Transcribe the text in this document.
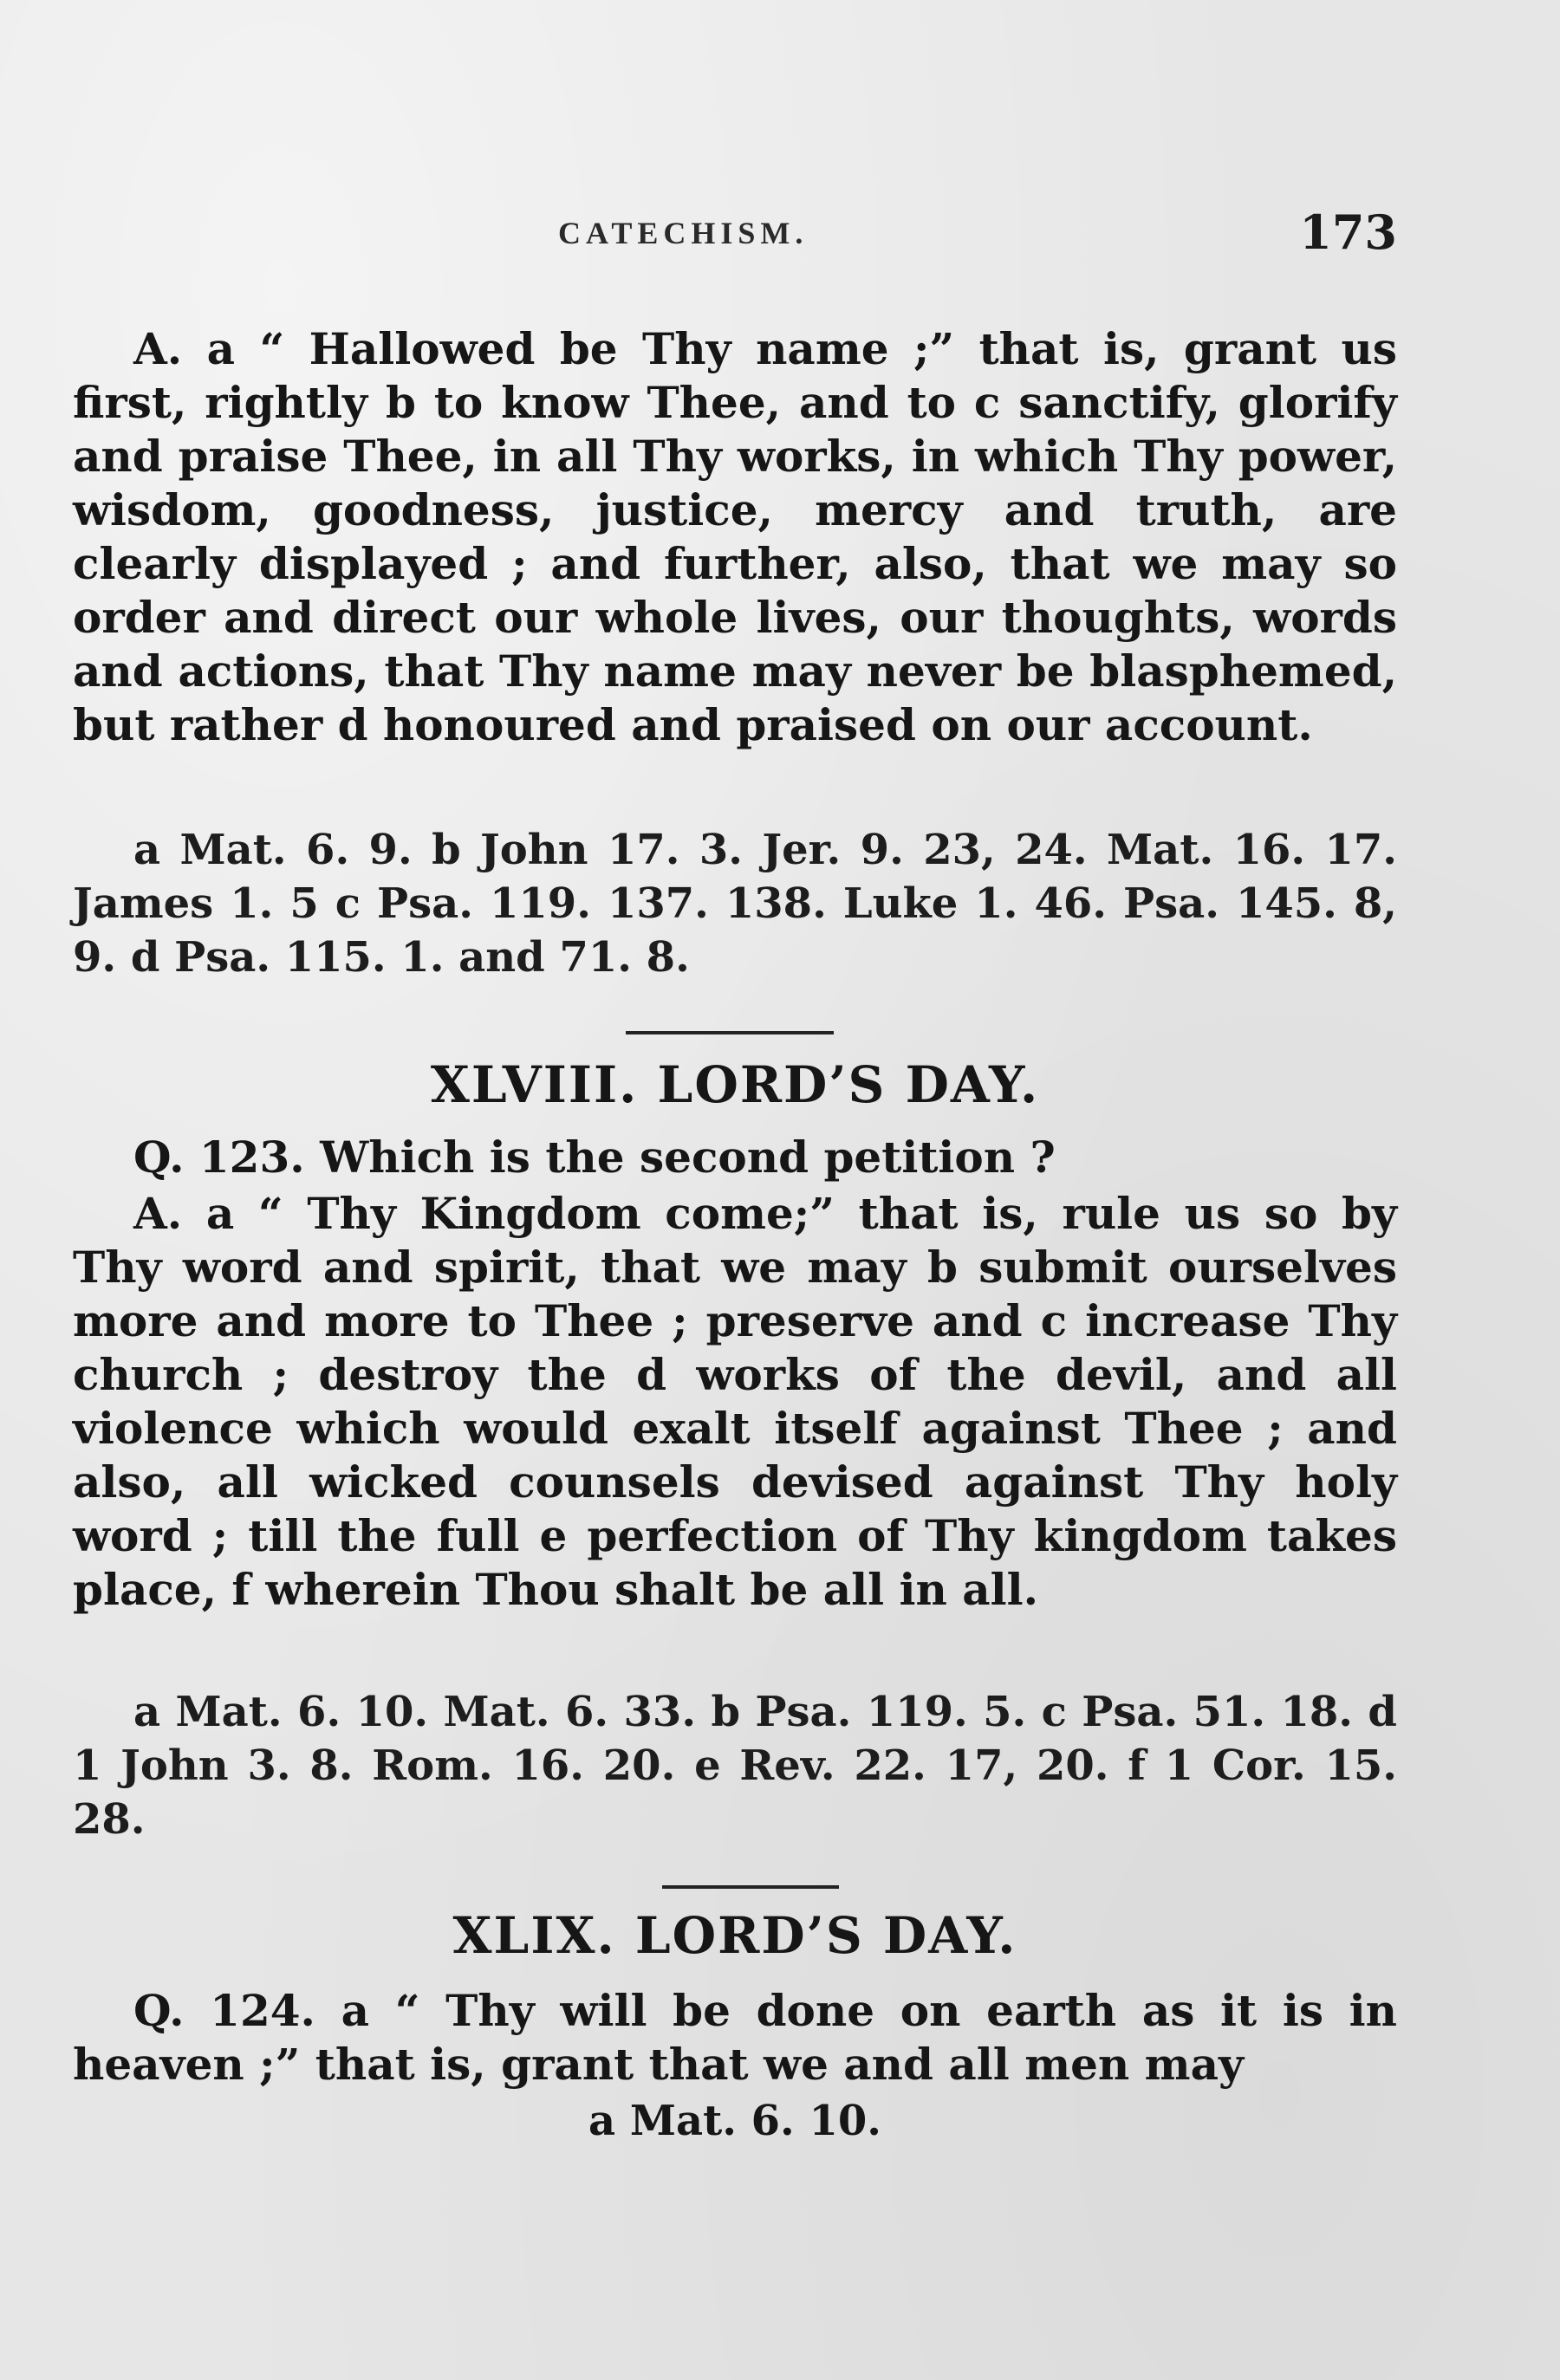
CATECHISM.	173

A. a “ Hallowed be Thy name ;” that is, grant us first, rightly b to know Thee, and to c sanctify, glorify and praise Thee, in all Thy works, in which Thy power, wisdom, goodness, justice, mercy and truth, are clearly displayed ; and further, also, that we may so order and direct our whole lives, our thoughts, words and actions, that Thy name may never be blasphemed, but rather d honoured and praised on our account.

a Mat. 6. 9. b John 17. 3. Jer. 9. 23, 24. Mat. 16. 17. James 1. 5 c Psa. 119. 137. 138. Luke 1. 46. Psa. 145. 8, 9. d Psa. 115. 1. and 71. 8.

XLVIII. LORD’S DAY.

Q. 123. Which is the second petition ?

A. a “ Thy Kingdom come;” that is, rule us so by Thy word and spirit, that we may b submit ourselves more and more to Thee ; preserve and c increase Thy church ; destroy the d works of the devil, and all violence which would exalt itself against Thee ; and also, all wicked counsels devised against Thy holy word ; till the full e perfection of Thy kingdom takes place, f wherein Thou shalt be all in all.

a Mat. 6. 10. Mat. 6. 33. b Psa. 119. 5. c Psa. 51. 18. d 1 John 3. 8. Rom. 16. 20. e Rev. 22. 17, 20. f 1 Cor. 15. 28.

XLIX. LORD’S DAY.

Q. 124. a “ Thy will be done on earth as it is in heaven ;” that is, grant that we and all men may

a Mat. 6. 10.
